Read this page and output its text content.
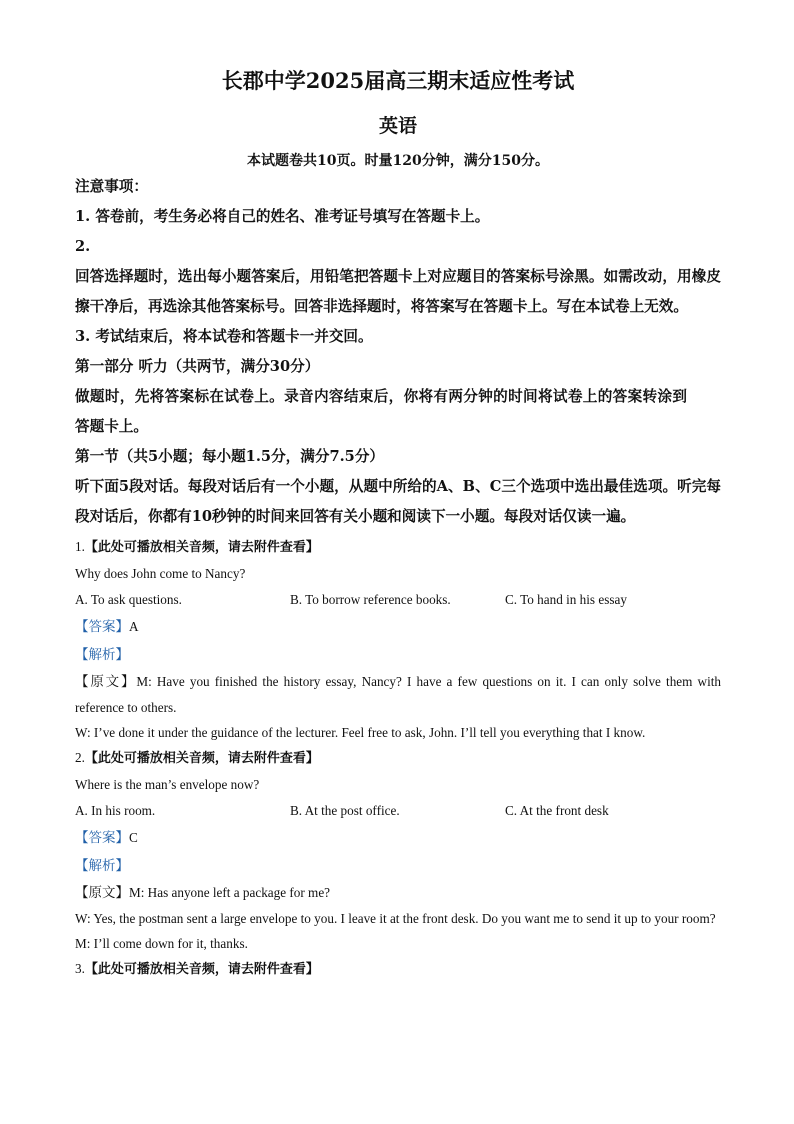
长郡中学2025届高三期末适应性考试
英语
本试题卷共10页。时量120分钟，满分150分。

注意事项：

1. 答卷前，考生务必将自己的姓名、准考证号填写在答题卡上。

2.

回答选择题时，选出每小题答案后，用铅笔把答题卡上对应题目的答案标号涂黑。如需改动，用橡皮擦干净后，再选涂其他答案标号。回答非选择题时，将答案写在答题卡上。写在本试卷上无效。

3. 考试结束后，将本试卷和答题卡一并交回。

第一部分 听力（共两节，满分30分）

做题时，先将答案标在试卷上。录音内容结束后，你将有两分钟的时间将试卷上的答案转涂到答题卡上。

第一节（共5小题；每小题1.5分，满分7.5分）

听下面5段对话。每段对话后有一个小题，从题中所给的A、B、C三个选项中选出最佳选项。听完每段对话后，你都有10秒钟的时间来回答有关小题和阅读下一小题。每段对话仅读一遍。

1.【此处可播放相关音频，请去附件查看】

Why does John come to Nancy?

A. To ask questions.	B. To borrow reference books.	C. To hand in his essay

【答案】A

【解析】

【原文】M: Have you finished the history essay, Nancy? I have a few questions on it. I can only solve them with reference to others.

W: I’ve done it under the guidance of the lecturer. Feel free to ask, John. I’ll tell you everything that I know.

2.【此处可播放相关音频，请去附件查看】

Where is the man’s envelope now?

A. In his room.	B. At the post office.	C. At the front desk

【答案】C

【解析】

【原文】M: Has anyone left a package for me?

W: Yes, the postman sent a large envelope to you. I leave it at the front desk. Do you want me to send it up to your room?

M: I’ll come down for it, thanks.

3.【此处可播放相关音频，请去附件查看】
